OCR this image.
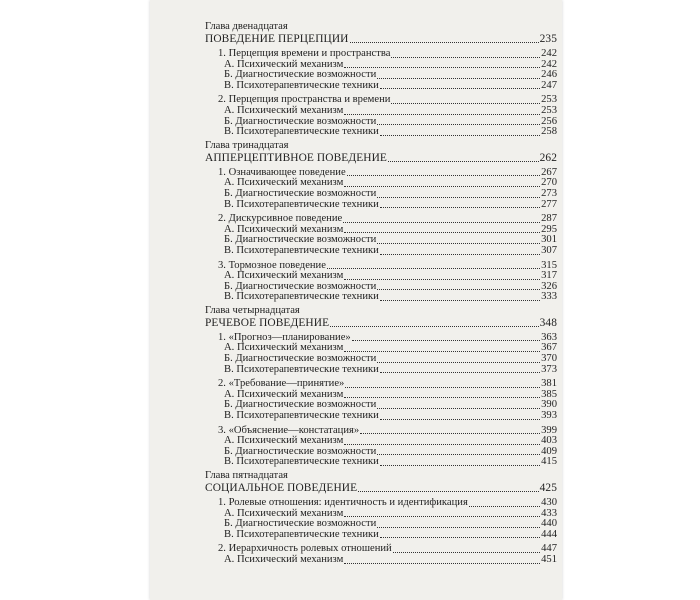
Глава двенадцатая
ПОВЕДЕНИЕ ПЕРЦЕПЦИИ	235
1. Перцепция времени и пространства	242
А. Психический механизм	242
Б. Диагностические возможности	246
В. Психотерапевтические техники	247
2. Перцепция пространства и времени	253
А. Психический механизм	253
Б. Диагностические возможности	256
В. Психотерапевтические техники	258
Глава тринадцатая
АППЕРЦЕПТИВНОЕ ПОВЕДЕНИЕ	262
1. Означивающее поведение	267
А. Психический механизм	270
Б. Диагностические возможности	273
В. Психотерапевтические техники	277
2. Дискурсивное поведение	287
А. Психический механизм	295
Б. Диагностические возможности	301
В. Психотерапевтические техники	307
3. Тормозное поведение	315
А. Психический механизм	317
Б. Диагностические возможности	326
В. Психотерапевтические техники	333
Глава четырнадцатая
РЕЧЕВОЕ ПОВЕДЕНИЕ	348
1. «Прогноз—планирование»	363
А. Психический механизм	367
Б. Диагностические возможности	370
В. Психотерапевтические техники	373
2. «Требование—принятие»	381
А. Психический механизм	385
Б. Диагностические возможности	390
В. Психотерапевтические техники	393
3. «Объяснение—констатация»	399
А. Психический механизм	403
Б. Диагностические возможности	409
В. Психотерапевтические техники	415
Глава пятнадцатая
СОЦИАЛЬНОЕ ПОВЕДЕНИЕ	425
1. Ролевые отношения: идентичность и идентификация	430
А. Психический механизм	433
Б. Диагностические возможности	440
В. Психотерапевтические техники	444
2. Иерархичность ролевых отношений	447
А. Психический механизм	451
